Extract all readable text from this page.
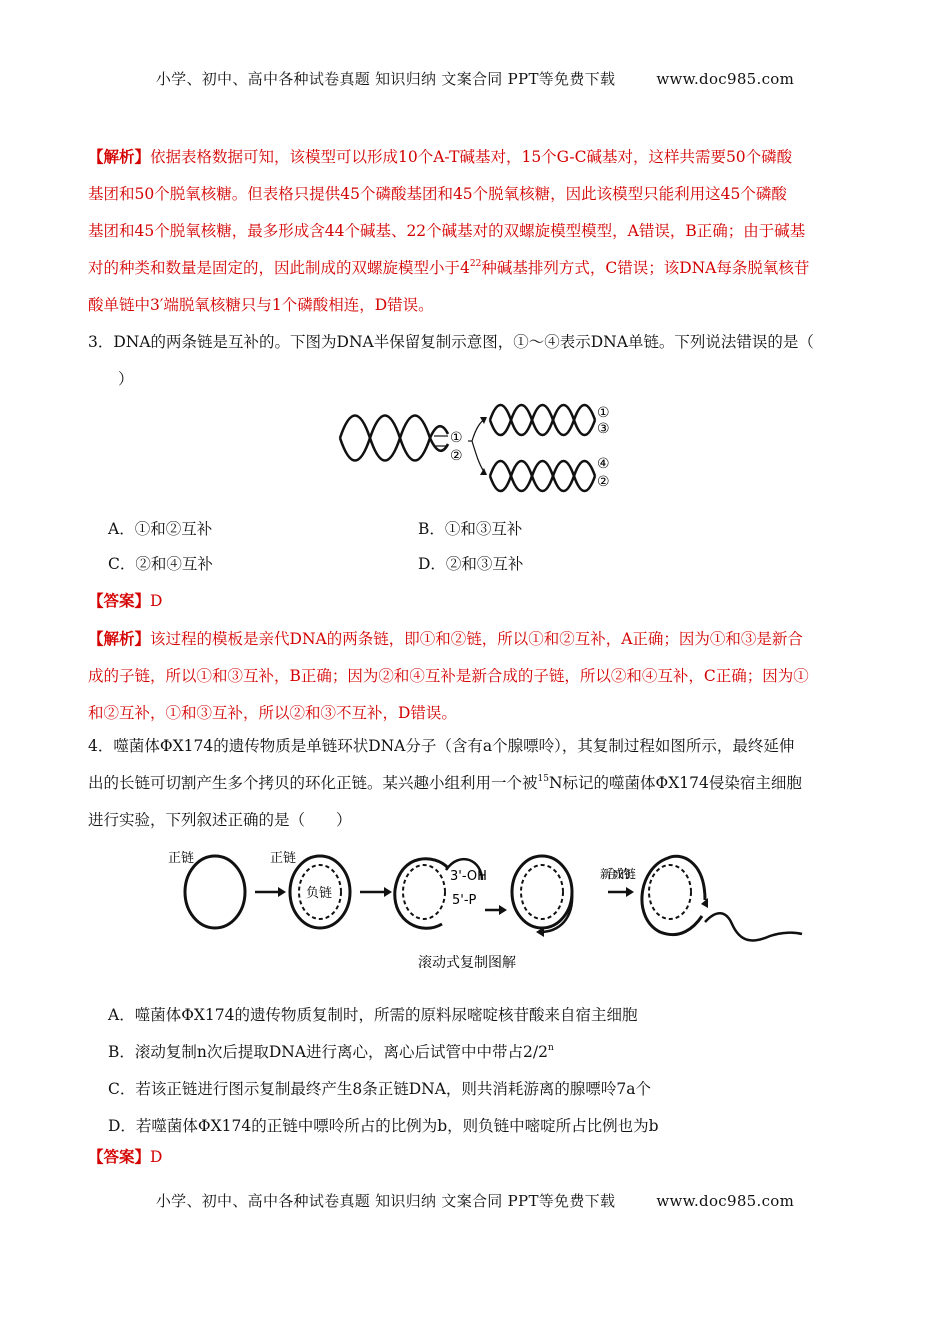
小学、初中、高中各种试卷真题 知识归纳 文案合同 PPT等免费下载	www.doc985.com

【解析】依据表格数据可知，该模型可以形成10个A-T碱基对，15个G-C碱基对，这样共需要50个磷酸

基团和50个脱氧核糖。但表格只提供45个磷酸基团和45个脱氧核糖，因此该模型只能利用这45个磷酸

基团和45个脱氧核糖，最多形成含44个碱基、22个碱基对的双螺旋模型模型，A错误，B正确；由于碱基

对的种类和数量是固定的，因此制成的双螺旋模型小于$4^{22}$种碱基排列方式，C错误；该DNA每条脱氧核苷

酸单链中3′端脱氧核糖只与1个磷酸相连，D错误。

3．DNA的两条链是互补的。下图为DNA半保留复制示意图，①～④表示DNA单链。下列说法错误的是（

）

①
②
①
③
④
②
A．①和②互补	B．①和③互补
C．②和④互补	D．②和③互补

【答案】D

【解析】该过程的模板是亲代DNA的两条链，即①和②链，所以①和②互补，A正确；因为①和③是新合

成的子链，所以①和③互补，B正确；因为②和④互补是新合成的子链，所以②和④互补，C正确；因为①

和②互补，①和③互补，所以②和③不互补，D错误。

4．噬菌体ΦX174的遗传物质是单链环状DNA分子（含有a个腺嘌呤），其复制过程如图所示，最终延伸

出的长链可切割产生多个拷贝的环化正链。某兴趣小组利用一个被$^{15}$N标记的噬菌体ΦX174侵染宿主细胞

进行实验，下列叙述正确的是（　　）

正链	正链
负链
3'-OH
5'-P
新合成的链
滚动式复制图解

A．噬菌体ΦX174的遗传物质复制时，所需的原料尿嘧啶核苷酸来自宿主细胞

B．滚动复制n次后提取DNA进行离心，离心后试管中中带占2/2$^n$

C．若该正链进行图示复制最终产生8条正链DNA，则共消耗游离的腺嘌呤7a个

D．若噬菌体ΦX174的正链中嘌呤所占的比例为b，则负链中嘧啶所占比例也为b

【答案】D

小学、初中、高中各种试卷真题 知识归纳 文案合同 PPT等免费下载	www.doc985.com
